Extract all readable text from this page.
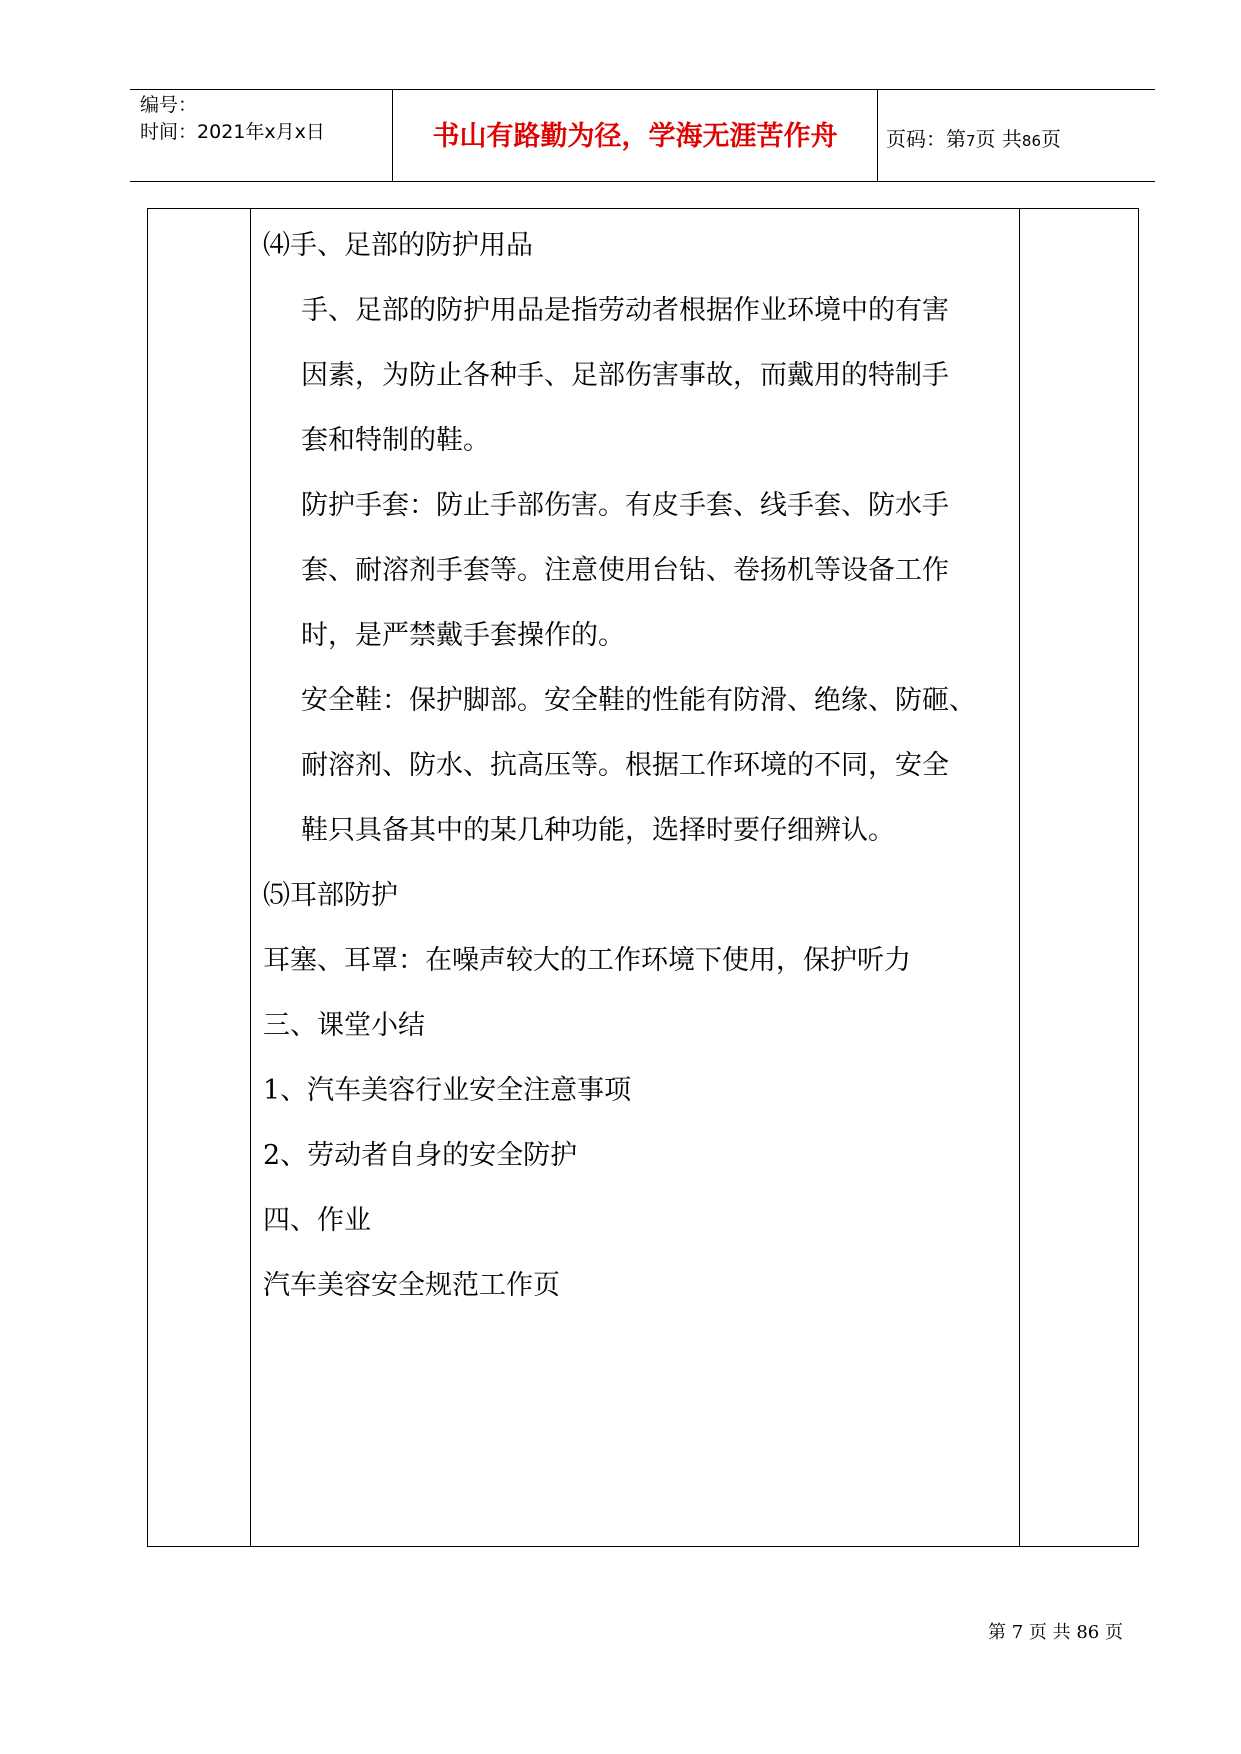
编号：
时间：2021年x月x日	书山有路勤为径，学海无涯苦作舟	页码：第7页 共86页

⑷手、足部的防护用品

手、足部的防护用品是指劳动者根据作业环境中的有害

因素，为防止各种手、足部伤害事故，而戴用的特制手

套和特制的鞋。

防护手套：防止手部伤害。有皮手套、线手套、防水手

套、耐溶剂手套等。注意使用台钻、卷扬机等设备工作

时，是严禁戴手套操作的。

安全鞋：保护脚部。安全鞋的性能有防滑、绝缘、防砸、

耐溶剂、防水、抗高压等。根据工作环境的不同，安全

鞋只具备其中的某几种功能，选择时要仔细辨认。

⑸耳部防护

耳塞、耳罩：在噪声较大的工作环境下使用，保护听力

三、课堂小结

1、汽车美容行业安全注意事项

2、劳动者自身的安全防护

四、作业

汽车美容安全规范工作页

第 7 页 共 86 页
